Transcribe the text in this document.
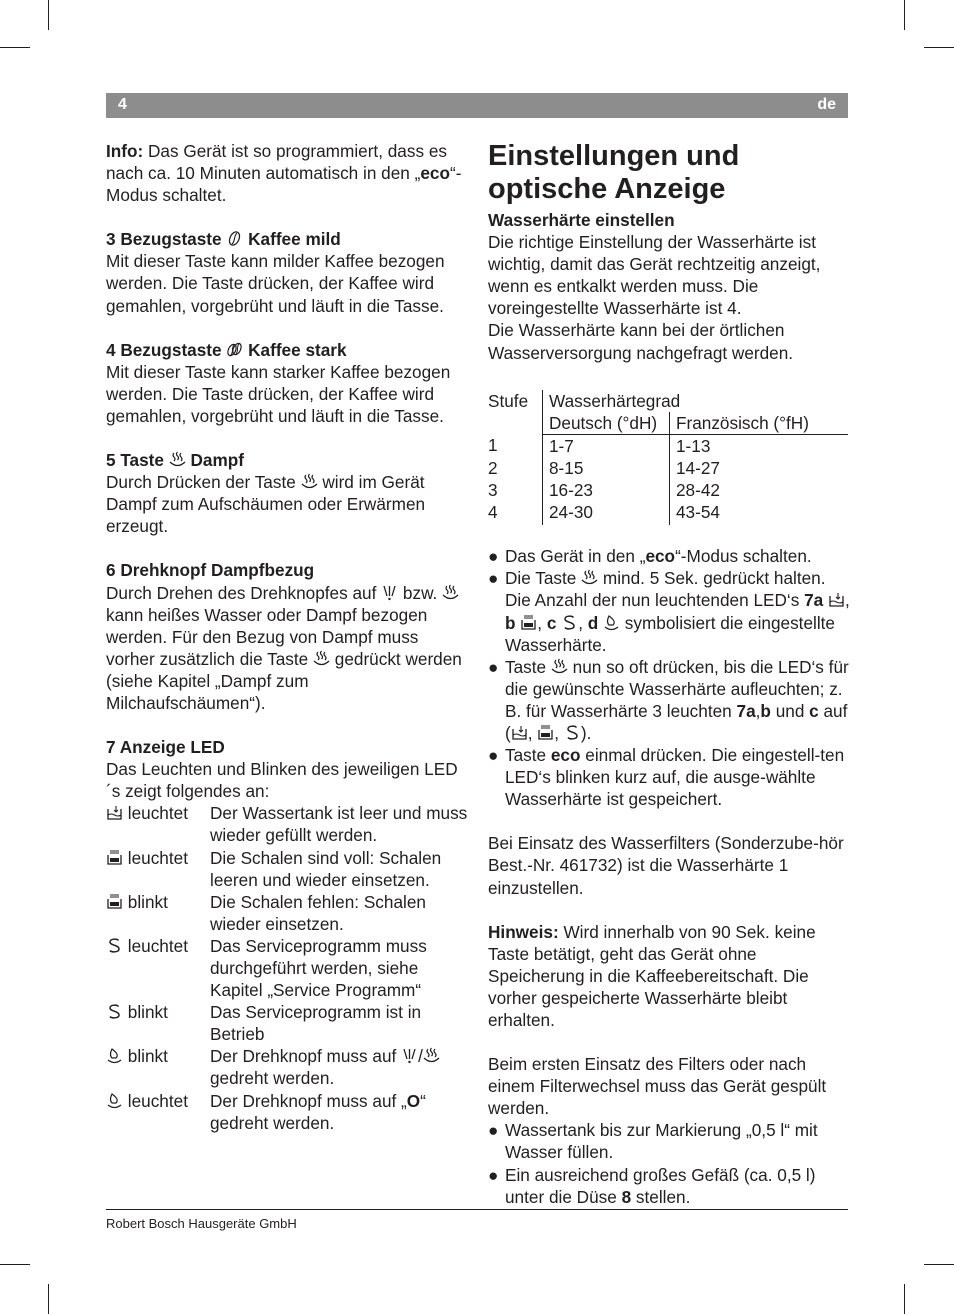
4	de

Info: Das Gerät ist so programmiert, dass es nach ca. 10 Minuten automatisch in den „eco“-Modus schaltet.

3 Bezugstaste
Kaffee mild

Mit dieser Taste kann milder Kaffee bezogen werden. Die Taste drücken, der Kaffee wird gemahlen, vorgebrüht und läuft in die Tasse.

4 Bezugstaste
Kaffee stark

Mit dieser Taste kann starker Kaffee bezogen werden. Die Taste drücken, der Kaffee wird gemahlen, vorgebrüht und läuft in die Tasse.

5 Taste
Dampf

Durch Drücken der Taste
wird im Gerät Dampf zum Aufschäumen oder Erwärmen erzeugt.

6 Drehknopf Dampfbezug

Durch Drehen des Drehknopfes auf
bzw.
kann heißes Wasser oder Dampf bezogen werden. Für den Bezug von Dampf muss vorher zusätzlich die Taste
gedrückt werden (siehe Kapitel „Dampf zum Milchaufschäumen“).

7 Anzeige LED

Das Leuchten und Blinken des jeweiligen LED´s zeigt folgendes an:

leuchtet	Der Wassertank ist leer und muss wieder gefüllt werden.
leuchtet	Die Schalen sind voll: Schalen leeren und wieder einsetzen.
blinkt	Die Schalen fehlen: Schalen wieder einsetzen.
leuchtet	Das Serviceprogramm muss durchgeführt werden, siehe Kapitel „Service Programm“
blinkt	Das Serviceprogramm ist in Betrieb
blinkt	Der Drehknopf muss auf
/
gedreht werden.
leuchtet	Der Drehknopf muss auf „O“ gedreht werden.
Einstellungen und optische Anzeige

Wasserhärte einstellen

Die richtige Einstellung der Wasserhärte ist wichtig, damit das Gerät rechtzeitig anzeigt, wenn es entkalkt werden muss. Die voreingestellte Wasserhärte ist 4.

Die Wasserhärte kann bei der örtlichen Wasserversorgung nachgefragt werden.

Stufe	Wasserhärtegrad	
	Deutsch (°dH)	Französisch (°fH)
1	1-7	1-13
2	8-15	14-27
3	16-23	28-42
4	24-30	43-54
● Das Gerät in den „eco“-Modus schalten.
● Die Taste
mind. 5 Sek. gedrückt halten. Die Anzahl der nun leuchtenden LED‘s 7a , b , c , d
symbolisiert die eingestellte Wasserhärte.
● Taste
nun so oft drücken, bis die LED‘s für die gewünschte Wasserhärte aufleuchten; z. B. für Wasserhärte 3 leuchten 7a,b und c auf ( ,
,
).
● Taste eco einmal drücken. Die eingestell-ten LED‘s blinken kurz auf, die ausge-wählte Wasserhärte ist gespeichert.

Bei Einsatz des Wasserfilters (Sonderzube-hör Best.-Nr. 461732) ist die Wasserhärte 1 einzustellen.

Hinweis: Wird innerhalb von 90 Sek. keine Taste betätigt, geht das Gerät ohne Speicherung in die Kaffeebereitschaft. Die vorher gespeicherte Wasserhärte bleibt erhalten.

Beim ersten Einsatz des Filters oder nach einem Filterwechsel muss das Gerät gespült werden.

● Wassertank bis zur Markierung „0,5 l“ mit Wasser füllen.
● Ein ausreichend großes Gefäß (ca. 0,5 l) unter die Düse 8 stellen.
Robert Bosch Hausgeräte GmbH
